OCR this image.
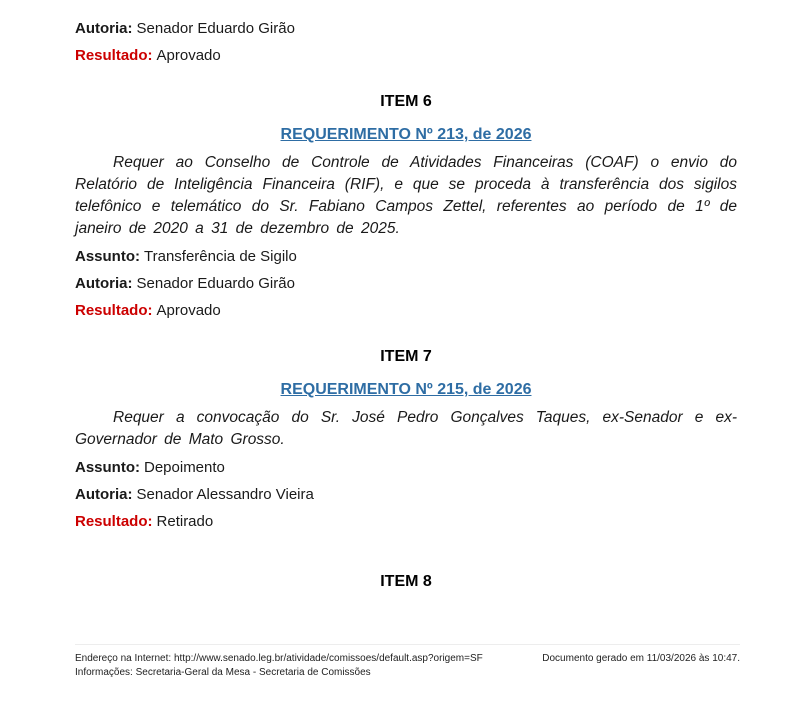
Autoria: Senador Eduardo Girão
Resultado: Aprovado
ITEM 6
REQUERIMENTO Nº 213, de 2026

Requer ao Conselho de Controle de Atividades Financeiras (COAF) o envio do Relatório de Inteligência Financeira (RIF), e que se proceda à transferência dos sigilos telefônico e telemático do Sr. Fabiano Campos Zettel, referentes ao período de 1º de janeiro de 2020 a 31 de dezembro de 2025.

Assunto: Transferência de Sigilo
Autoria: Senador Eduardo Girão
Resultado: Aprovado
ITEM 7
REQUERIMENTO Nº 215, de 2026

Requer a convocação do Sr. José Pedro Gonçalves Taques, ex-Senador e ex-Governador de Mato Grosso.

Assunto: Depoimento
Autoria: Senador Alessandro Vieira
Resultado: Retirado
ITEM 8
Endereço na Internet: http://www.senado.leg.br/atividade/comissoes/default.asp?origem=SF
Informações: Secretaria-Geral da Mesa - Secretaria de Comissões
Documento gerado em 11/03/2026 às 10:47.
